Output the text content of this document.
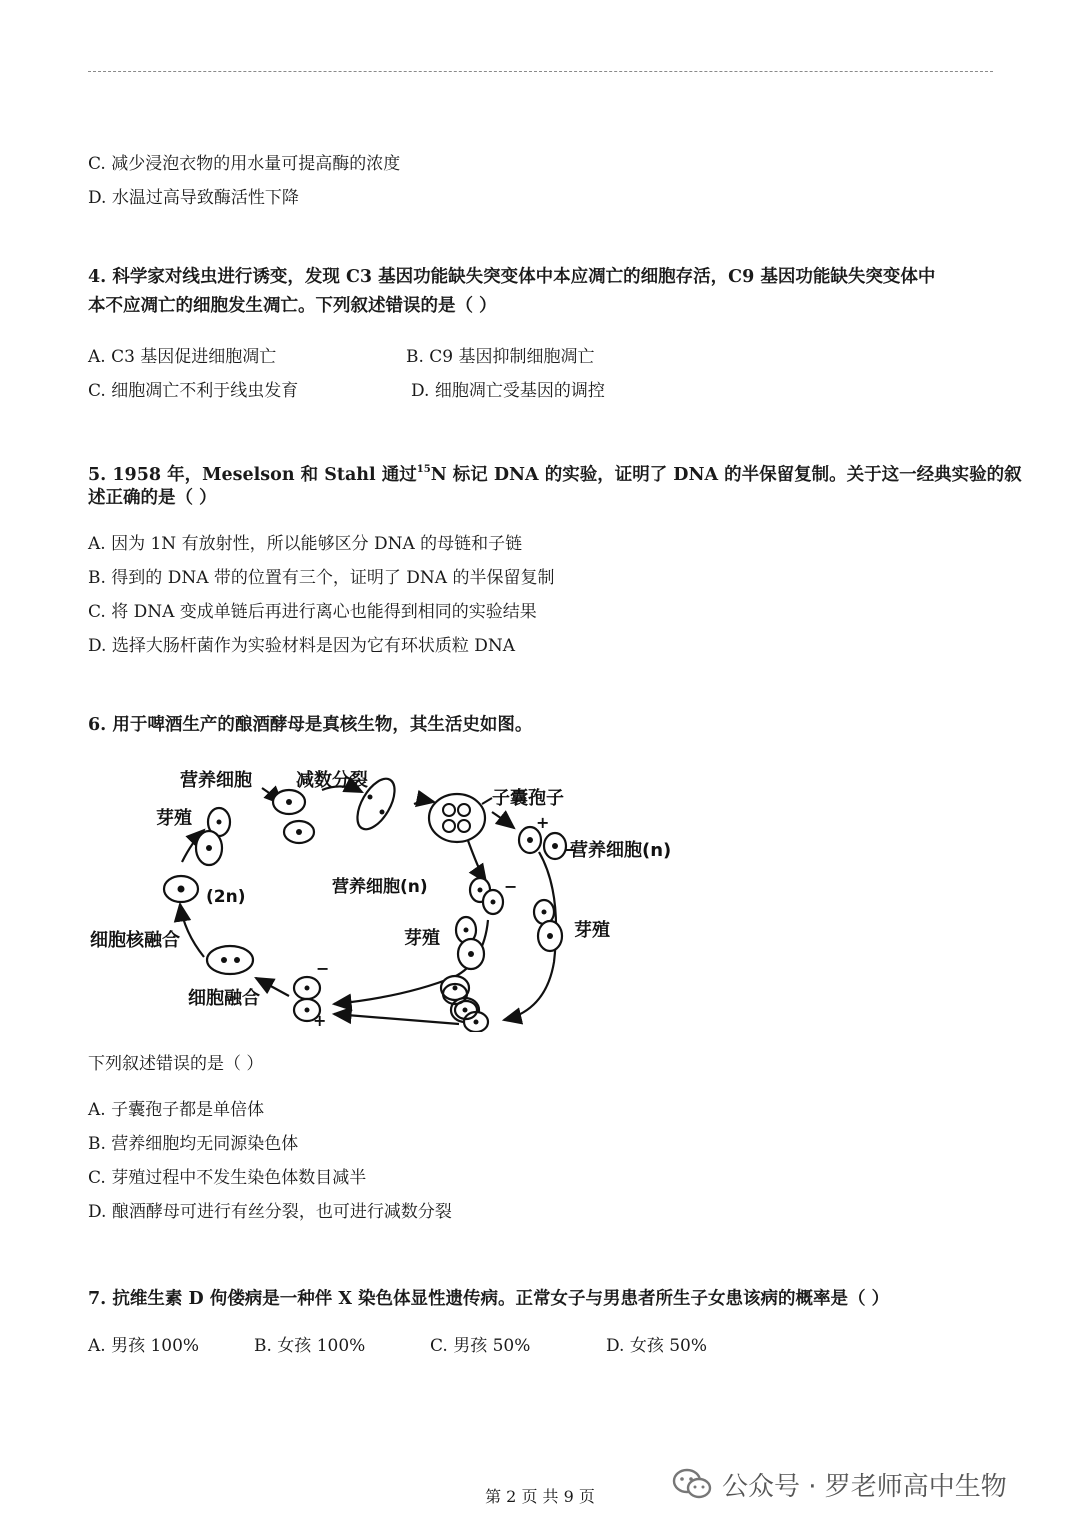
C. 减少浸泡衣物的用水量可提高酶的浓度
D. 水温过高导致酶活性下降
4. 科学家对线虫进行诱变，发现 C3 基因功能缺失突变体中本应凋亡的细胞存活，C9 基因功能缺失突变体中
本不应凋亡的细胞发生凋亡。下列叙述错误的是（ ）
A. C3 基因促进细胞凋亡	B. C9 基因抑制细胞凋亡
C. 细胞凋亡不利于线虫发育	D. 细胞凋亡受基因的调控
5. 1958 年，Meselson 和 Stahl 通过$^{15}$N 标记 DNA 的实验，证明了 DNA 的半保留复制。关于这一经典实验的叙
述正确的是（ ）
A. 因为 1N 有放射性，所以能够区分 DNA 的母链和子链
B. 得到的 DNA 带的位置有三个，证明了 DNA 的半保留复制
C. 将 DNA 变成单链后再进行离心也能得到相同的实验结果
D. 选择大肠杆菌作为实验材料是因为它有环状质粒 DNA
6. 用于啤酒生产的酿酒酵母是真核生物，其生活史如图。
营养细胞 减数分裂
子囊孢子
芽殖
(2n)
营养细胞(n)
营养细胞(n)
芽殖	芽殖
细胞核融合
细胞融合
+
−
−
+
下列叙述错误的是（ ）
A. 子囊孢子都是单倍体
B. 营养细胞均无同源染色体
C. 芽殖过程中不发生染色体数目减半
D. 酿酒酵母可进行有丝分裂，也可进行减数分裂
7. 抗维生素 D 佝偻病是一种伴 X 染色体显性遗传病。正常女子与男患者所生子女患该病的概率是（ ）
A. 男孩 100%	B. 女孩 100%	C. 男孩 50%	D. 女孩 50%
第 2 页 共 9 页	公众号 · 罗老师高中生物
